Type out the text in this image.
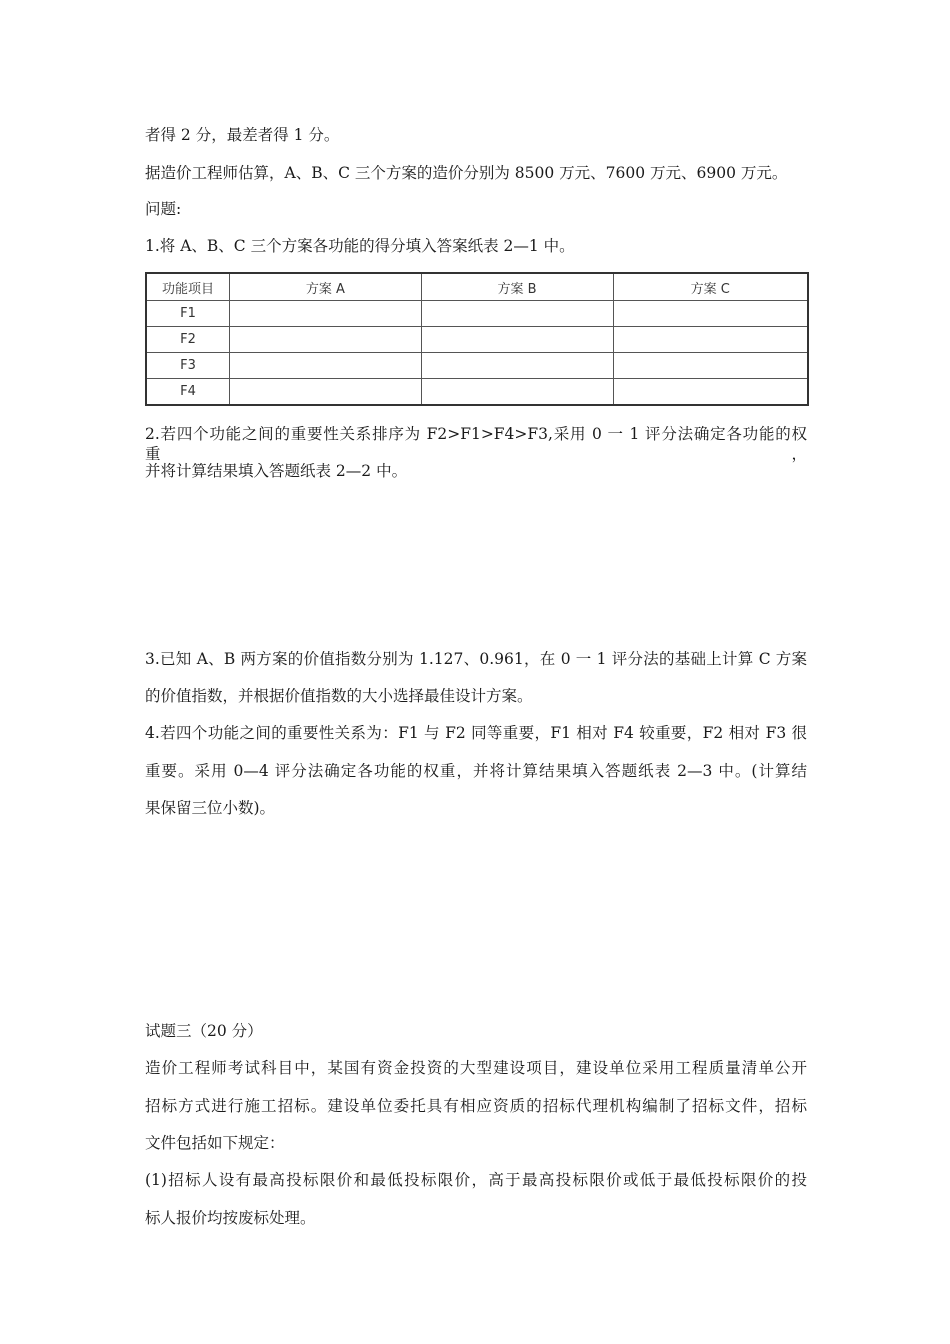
者得 2 分，最差者得 1 分。
据造价工程师估算，A、B、C 三个方案的造价分别为 8500 万元、7600 万元、6900 万元。
问题:
1.将 A、B、C 三个方案各功能的得分填入答案纸表 2—1 中。
功能项目	方案 A	方案 B	方案 C
F1			
F2			
F3			
F4			
2.若四个功能之间的重要性关系排序为 F2>F1>F4>F3,采用 0 一 1 评分法确定各功能的权重，
并将计算结果填入答题纸表 2—2 中。
3.已知 A、B 两方案的价值指数分别为 1.127、0.961，在 0 一 1 评分法的基础上计算 C 方案
的价值指数，并根据价值指数的大小选择最佳设计方案。
4.若四个功能之间的重要性关系为：F1 与 F2 同等重要，F1 相对 F4 较重要，F2 相对 F3 很
重要。采用 0—4 评分法确定各功能的权重，并将计算结果填入答题纸表 2—3 中。(计算结
果保留三位小数)。
试题三（20 分）
造价工程师考试科目中，某国有资金投资的大型建设项目，建设单位采用工程质量清单公开
招标方式进行施工招标。建设单位委托具有相应资质的招标代理机构编制了招标文件，招标
文件包括如下规定：
(1)招标人设有最高投标限价和最低投标限价，高于最高投标限价或低于最低投标限价的投
标人报价均按废标处理。
